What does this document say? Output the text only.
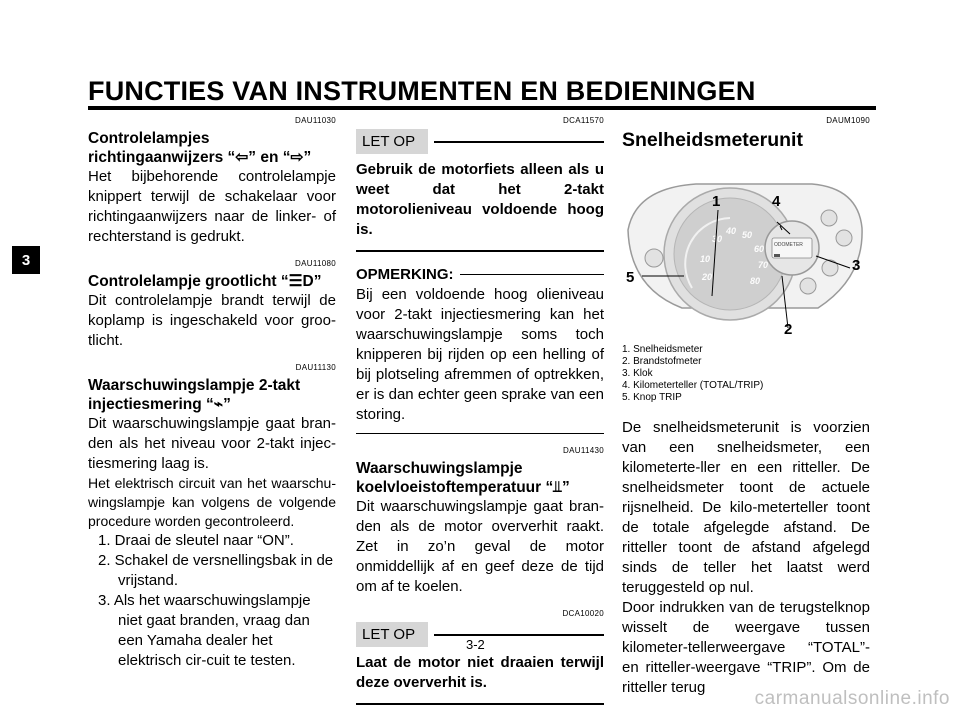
FUNCTIES VAN INSTRUMENTEN EN BEDIENINGEN
3
DAU11030
Controlelampjes
richtingaanwijzers “⇦” en “⇨”

Het bijbehorende controlelampje knippert terwijl de schakelaar voor richtingaanwijzers naar de linker- of rechterstand is gedrukt.

DAU11080
Controlelampje grootlicht “☰D”

Dit controlelampje brandt terwijl de koplamp is ingeschakeld voor groo-tlicht.

DAU11130
Waarschuwingslampje 2-takt
injectiesmering “⌁”

Dit waarschuwingslampje gaat bran-den als het niveau voor 2-takt injec-tiesmering laag is.

Het elektrisch circuit van het waarschu-wingslampje kan volgens de volgende procedure worden gecontroleerd.

1. Draai de sleutel naar “ON”.
2. Schakel de versnellingsbak in de vrijstand.
3. Als het waarschuwingslampje niet gaat branden, vraag dan een Yamaha dealer het elektrisch cir-cuit te testen.
DCA11570
LET OP

Gebruik de motorfiets alleen als u weet dat het 2-takt motorolieniveau voldoende hoog is.

OPMERKING:

Bij een voldoende hoog olieniveau voor 2-takt injectiesmering kan het waarschuwingslampje soms toch knipperen bij rijden op een helling of bij plotseling afremmen of optrekken, er is dan echter geen sprake van een storing.

DAU11430
Waarschuwingslampje
koelvloeistoftemperatuur “⫫”

Dit waarschuwingslampje gaat bran-den als de motor oververhit raakt. Zet in zo’n geval de motor onmiddellijk af en geef deze de tijd om af te koelen.

DCA10020
LET OP

Laat de motor niet draaien terwijl deze oververhit is.

DAUM1090
Snelheidsmeterunit
10
20
30
40 50
60
70
80
ODOMETER
1
2
3
4
5
1. Snelheidsmeter
2. Brandstofmeter
3. Klok
4. Kilometerteller (TOTAL/TRIP)
5. Knop TRIP

De snelheidsmeterunit is voorzien van een snelheidsmeter, een kilometerte-ller en een ritteller. De snelheidsmeter toont de actuele rijsnelheid. De kilo-meterteller toont de totale afgelegde afstand. De ritteller toont de afstand afgelegd sinds de teller het laatst werd teruggesteld op nul.

Door indrukken van de terugstelknop wisselt de weergave tussen kilometer-tellerweergave “TOTAL”- en ritteller-weergave “TRIP”. Om de ritteller terug

3-2
carmanualsonline.info
